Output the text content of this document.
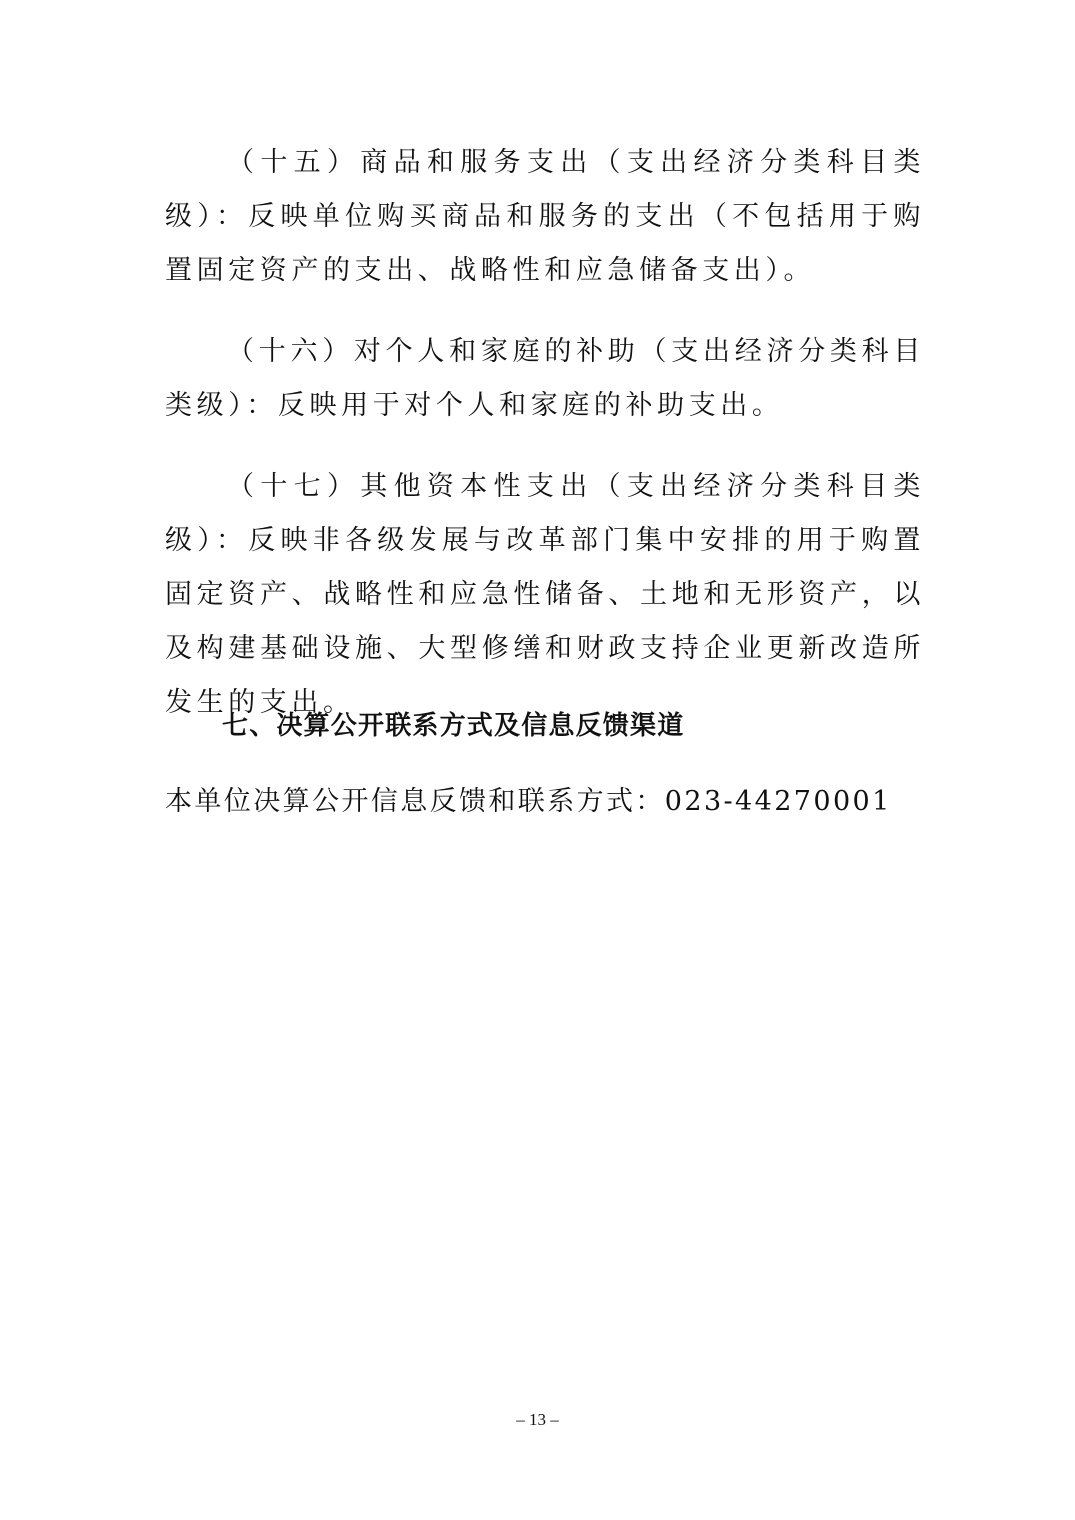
（十五）商品和服务支出（支出经济分类科目类级）：反映单位购买商品和服务的支出（不包括用于购置固定资产的支出、战略性和应急储备支出）。

（十六）对个人和家庭的补助（支出经济分类科目类级）：反映用于对个人和家庭的补助支出。

（十七）其他资本性支出（支出经济分类科目类级）：反映非各级发展与改革部门集中安排的用于购置固定资产、战略性和应急性储备、土地和无形资产，以及构建基础设施、大型修缮和财政支持企业更新改造所发生的支出。

七、决算公开联系方式及信息反馈渠道

本单位决算公开信息反馈和联系方式：023-44270001

– 13 –
